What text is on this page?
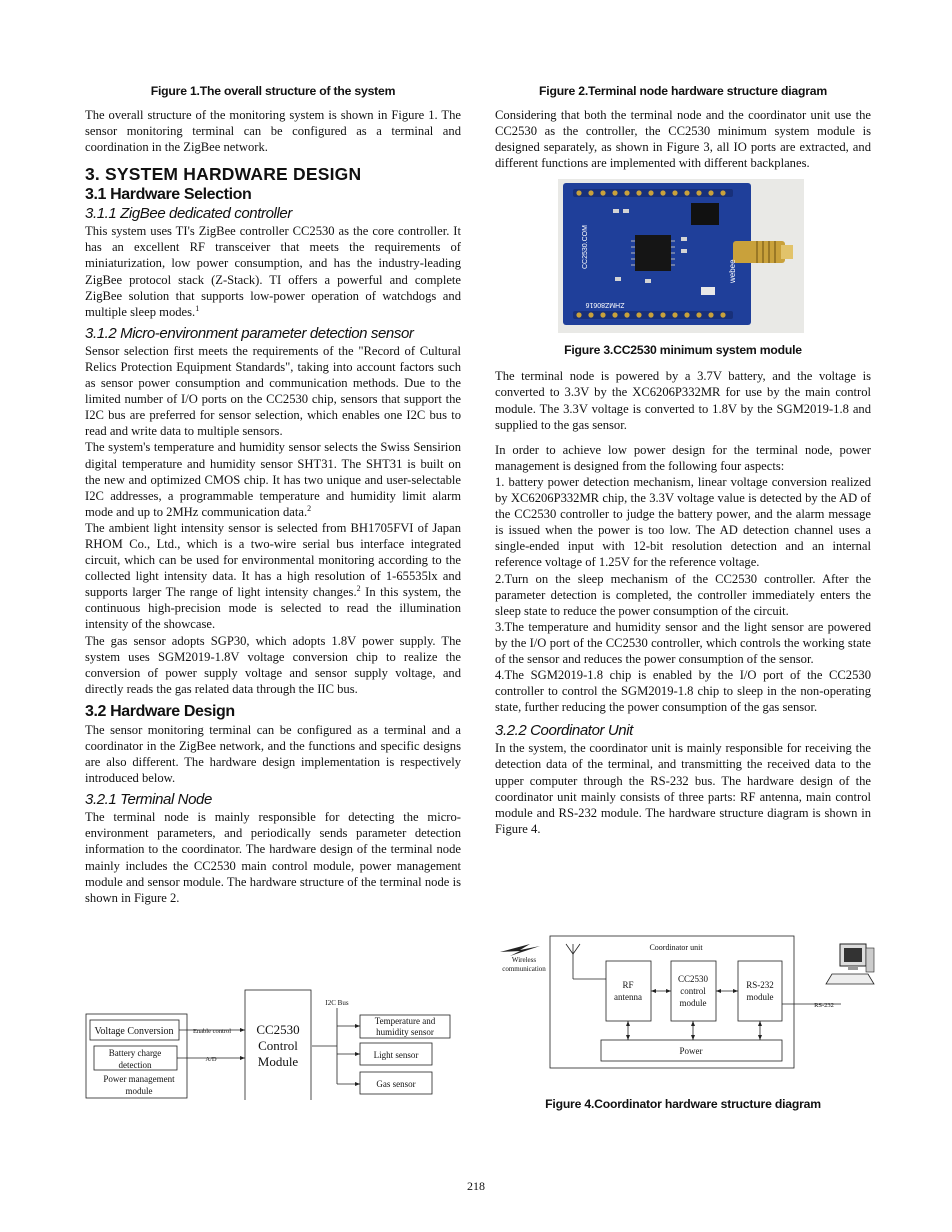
Figure 1.The overall structure of the system

The overall structure of the monitoring system is shown in Figure 1. The sensor monitoring terminal can be configured as a terminal and coordination in the ZigBee network.

3. SYSTEM HARDWARE DESIGN
3.1 Hardware Selection
3.1.1 ZigBee dedicated controller

This system uses TI's ZigBee controller CC2530 as the core controller. It has an excellent RF transceiver that meets the requirements of miniaturization, low power consumption, and has the industry-leading ZigBee protocol stack (Z-Stack). TI offers a powerful and complete ZigBee solution that supports low-power operation of watchdogs and multiple sleep modes.$^1$

3.1.2 Micro-environment parameter detection sensor

Sensor selection first meets the requirements of the "Record of Cultural Relics Protection Equipment Standards", taking into account factors such as sensor power consumption and communication methods. Due to the limited number of I/O ports on the CC2530 chip, sensors that support the I2C bus are preferred for sensor selection, which enables one I2C bus to read and write data to multiple sensors.

The system's temperature and humidity sensor selects the Swiss Sensirion digital temperature and humidity sensor SHT31. The SHT31 is built on the new and optimized CMOS chip. It has two unique and user-selectable I2C addresses, a programmable temperature and humidity limit alarm mode and up to 2MHz communication data.$^2$

The ambient light intensity sensor is selected from BH1705FVI of Japan RHOM Co., Ltd., which is a two-wire serial bus interface integrated circuit, which can be used for environmental monitoring according to the collected light intensity data. It has a high resolution of 1-65535lx and supports larger The range of light intensity changes.$^2$ In this system, the continuous high-precision mode is selected to read the illumination intensity of the showcase.

The gas sensor adopts SGP30, which adopts 1.8V power supply. The system uses SGM2019-1.8V voltage conversion chip to realize the conversion of power supply voltage and sensor supply voltage, and directly reads the gas related data through the IIC bus.

3.2 Hardware Design

The sensor monitoring terminal can be configured as a terminal and a coordinator in the ZigBee network, and the functions and specific designs are also different. The hardware design implementation is respectively introduced below.

3.2.1 Terminal Node

The terminal node is mainly responsible for detecting the micro-environment parameters, and periodically sends parameter detection information to the coordinator. The hardware design of the terminal node mainly includes the CC2530 main control module, power management module and sensor module. The hardware structure of the terminal node is shown in Figure 2.

Voltage Conversion	Enable control
Battery charge
detection
A/D
Power management
module
CC2530
Control
Module
I2C Bus
Temperature and
humidity sensor
Light sensor
Gas sensor
Figure 2.Terminal node hardware structure diagram

Considering that both the terminal node and the coordinator unit use the CC2530 as the controller, the CC2530 minimum system module is designed separately, as shown in Figure 3, all IO ports are extracted, and different functions are implemented with different backplanes.

CC2530.COM
ZHMZ80616
webee
Figure 3.CC2530 minimum system module

The terminal node is powered by a 3.7V battery, and the voltage is converted to 3.3V by the XC6206P332MR for use by the main control module. The 3.3V voltage is converted to 1.8V by the SGM2019-1.8 and supplied to the gas sensor.

In order to achieve low power design for the terminal node, power management is designed from the following four aspects:

1. battery power detection mechanism, linear voltage conversion realized by XC6206P332MR chip, the 3.3V voltage value is detected by the AD of the CC2530 controller to judge the battery power, and the alarm message is issued when the power is too low. The AD detection channel uses a single-ended input with 12-bit resolution detection and an internal reference voltage of 1.25V for the reference voltage.

2.Turn on the sleep mechanism of the CC2530 controller. After the parameter detection is completed, the controller immediately enters the sleep state to reduce the power consumption of the circuit.

3.The temperature and humidity sensor and the light sensor are powered by the I/O port of the CC2530 controller, which controls the working state of the sensor and reduces the power consumption of the sensor.

4.The SGM2019-1.8 chip is enabled by the I/O port of the CC2530 controller to control the SGM2019-1.8 chip to sleep in the non-operating state, further reducing the power consumption of the gas sensor.

3.2.2 Coordinator Unit

In the system, the coordinator unit is mainly responsible for receiving the detection data of the terminal, and transmitting the received data to the upper computer through the RS-232 bus. The hardware design of the coordinator unit mainly consists of three parts: RF antenna, main control module and RS-232 module. The hardware structure diagram is shown in Figure 4.

Coordinator unit
Wireless
communication
RF
antenna
CC2530
control
module
RS-232
module
RS-232
Power
Figure 4.Coordinator hardware structure diagram
218
